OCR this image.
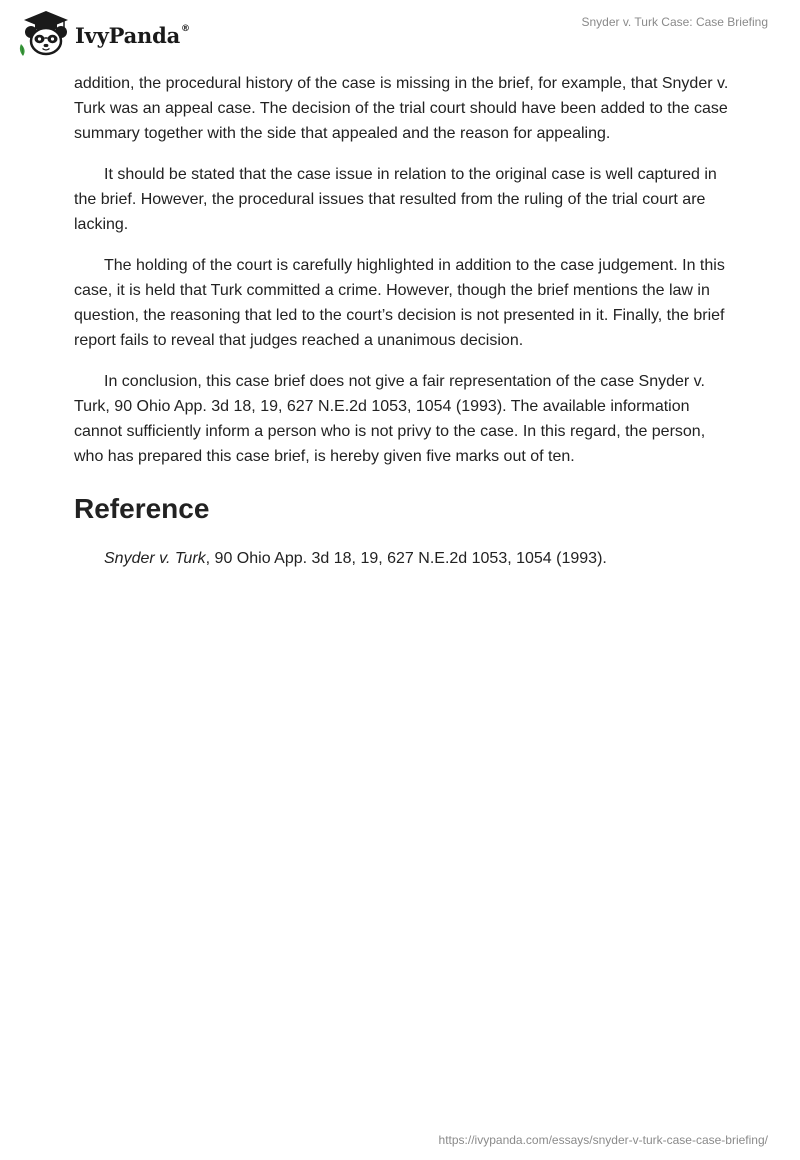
IvyPanda®	Snyder v. Turk Case: Case Briefing

addition, the procedural history of the case is missing in the brief, for example, that Snyder v. Turk was an appeal case. The decision of the trial court should have been added to the case summary together with the side that appealed and the reason for appealing.

It should be stated that the case issue in relation to the original case is well captured in the brief. However, the procedural issues that resulted from the ruling of the trial court are lacking.

The holding of the court is carefully highlighted in addition to the case judgement. In this case, it is held that Turk committed a crime. However, though the brief mentions the law in question, the reasoning that led to the court’s decision is not presented in it. Finally, the brief report fails to reveal that judges reached a unanimous decision.

In conclusion, this case brief does not give a fair representation of the case Snyder v. Turk, 90 Ohio App. 3d 18, 19, 627 N.E.2d 1053, 1054 (1993). The available information cannot sufficiently inform a person who is not privy to the case. In this regard, the person, who has prepared this case brief, is hereby given five marks out of ten.

Reference

Snyder v. Turk, 90 Ohio App. 3d 18, 19, 627 N.E.2d 1053, 1054 (1993).

https://ivypanda.com/essays/snyder-v-turk-case-case-briefing/
